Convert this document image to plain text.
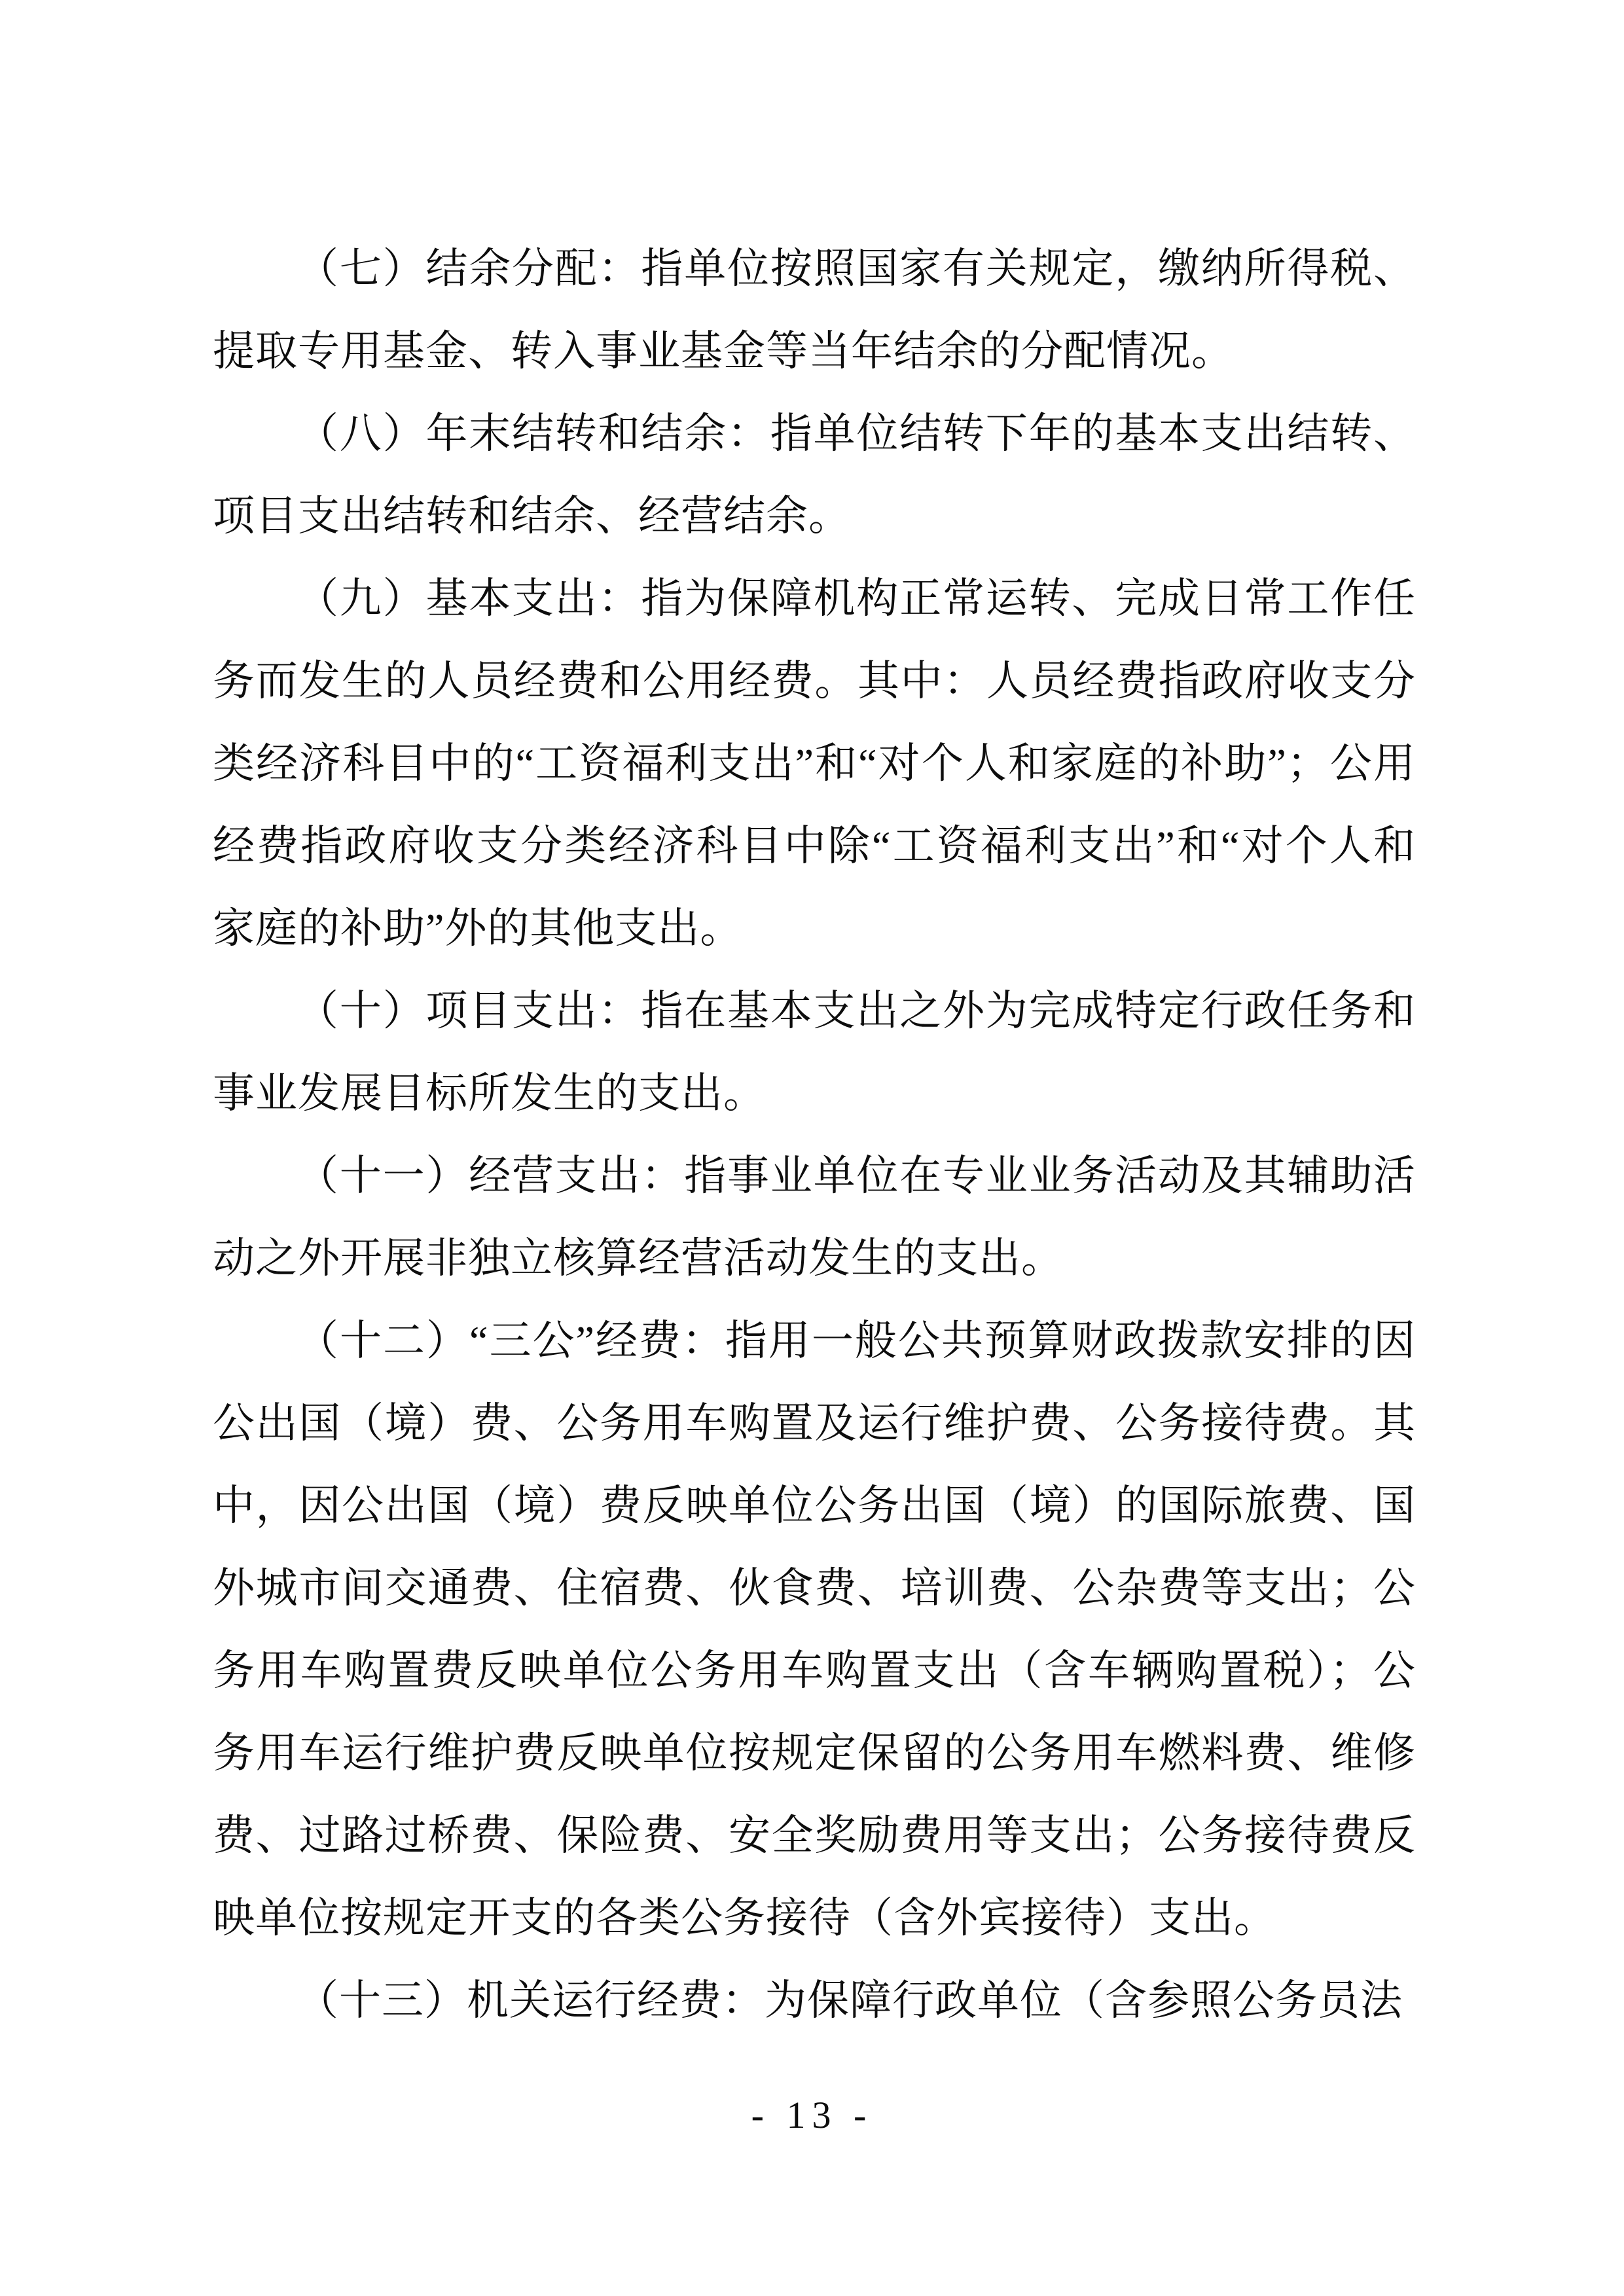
（七）结余分配：指单位按照国家有关规定，缴纳所得税、提取专用基金、转入事业基金等当年结余的分配情况。

（八）年末结转和结余：指单位结转下年的基本支出结转、项目支出结转和结余、经营结余。

（九）基本支出：指为保障机构正常运转、完成日常工作任务而发生的人员经费和公用经费。其中：人员经费指政府收支分类经济科目中的“工资福利支出”和“对个人和家庭的补助”；公用经费指政府收支分类经济科目中除“工资福利支出”和“对个人和家庭的补助”外的其他支出。

（十）项目支出：指在基本支出之外为完成特定行政任务和事业发展目标所发生的支出。

（十一）经营支出：指事业单位在专业业务活动及其辅助活动之外开展非独立核算经营活动发生的支出。

（十二）“三公”经费：指用一般公共预算财政拨款安排的因公出国（境）费、公务用车购置及运行维护费、公务接待费。其中，因公出国（境）费反映单位公务出国（境）的国际旅费、国外城市间交通费、住宿费、伙食费、培训费、公杂费等支出；公务用车购置费反映单位公务用车购置支出（含车辆购置税）；公务用车运行维护费反映单位按规定保留的公务用车燃料费、维修费、过路过桥费、保险费、安全奖励费用等支出；公务接待费反映单位按规定开支的各类公务接待（含外宾接待）支出。

（十三）机关运行经费：为保障行政单位（含参照公务员法

- 13 -
